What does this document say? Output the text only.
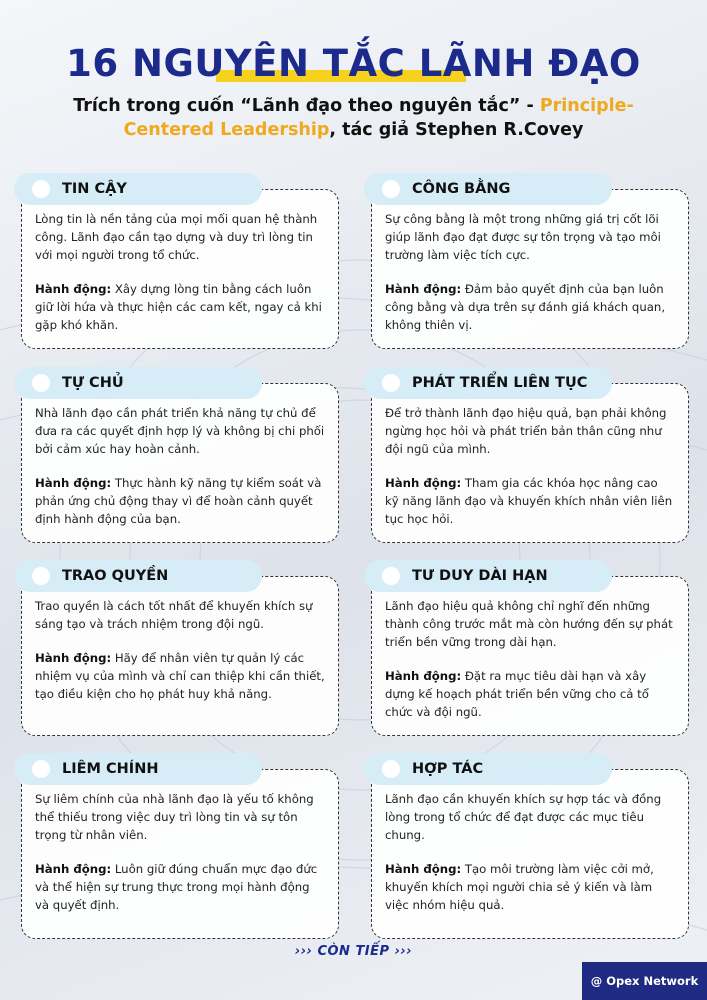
16 NGUYÊN TẮC LÃNH ĐẠO
Trích trong cuốn “Lãnh đạo theo nguyên tắc” - Principle-Centered Leadership, tác giả Stephen R.Covey

Lòng tin là nền tảng của mọi mối quan hệ thành công. Lãnh đạo cần tạo dựng và duy trì lòng tin với mọi người trong tổ chức.

Hành động: Xây dựng lòng tin bằng cách luôn giữ lời hứa và thực hiện các cam kết, ngay cả khi gặp khó khăn.

TIN CẬY

Sự công bằng là một trong những giá trị cốt lõi giúp lãnh đạo đạt được sự tôn trọng và tạo môi trường làm việc tích cực.

Hành động: Đảm bảo quyết định của bạn luôn công bằng và dựa trên sự đánh giá khách quan, không thiên vị.

CÔNG BẰNG

Nhà lãnh đạo cần phát triển khả năng tự chủ để đưa ra các quyết định hợp lý và không bị chi phối bởi cảm xúc hay hoàn cảnh.

Hành động: Thực hành kỹ năng tự kiểm soát và phản ứng chủ động thay vì để hoàn cảnh quyết định hành động của bạn.

TỰ CHỦ

Để trở thành lãnh đạo hiệu quả, bạn phải không ngừng học hỏi và phát triển bản thân cũng như đội ngũ của mình.

Hành động: Tham gia các khóa học nâng cao kỹ năng lãnh đạo và khuyến khích nhân viên liên tục học hỏi.

PHÁT TRIỂN LIÊN TỤC

Trao quyền là cách tốt nhất để khuyến khích sự sáng tạo và trách nhiệm trong đội ngũ.

Hành động: Hãy để nhân viên tự quản lý các nhiệm vụ của mình và chỉ can thiệp khi cần thiết, tạo điều kiện cho họ phát huy khả năng.

TRAO QUYỀN

Lãnh đạo hiệu quả không chỉ nghĩ đến những thành công trước mắt mà còn hướng đến sự phát triển bền vững trong dài hạn.

Hành động: Đặt ra mục tiêu dài hạn và xây dựng kế hoạch phát triển bền vững cho cả tổ chức và đội ngũ.

TƯ DUY DÀI HẠN

Sự liêm chính của nhà lãnh đạo là yếu tố không thể thiếu trong việc duy trì lòng tin và sự tôn trọng từ nhân viên.

Hành động: Luôn giữ đúng chuẩn mực đạo đức và thể hiện sự trung thực trong mọi hành động và quyết định.

LIÊM CHÍNH

Lãnh đạo cần khuyến khích sự hợp tác và đồng lòng trong tổ chức để đạt được các mục tiêu chung.

Hành động: Tạo môi trường làm việc cởi mở, khuyến khích mọi người chia sẻ ý kiến và làm việc nhóm hiệu quả.

HỢP TÁC
››› CÒN TIẾP ›››
@ Opex Network
